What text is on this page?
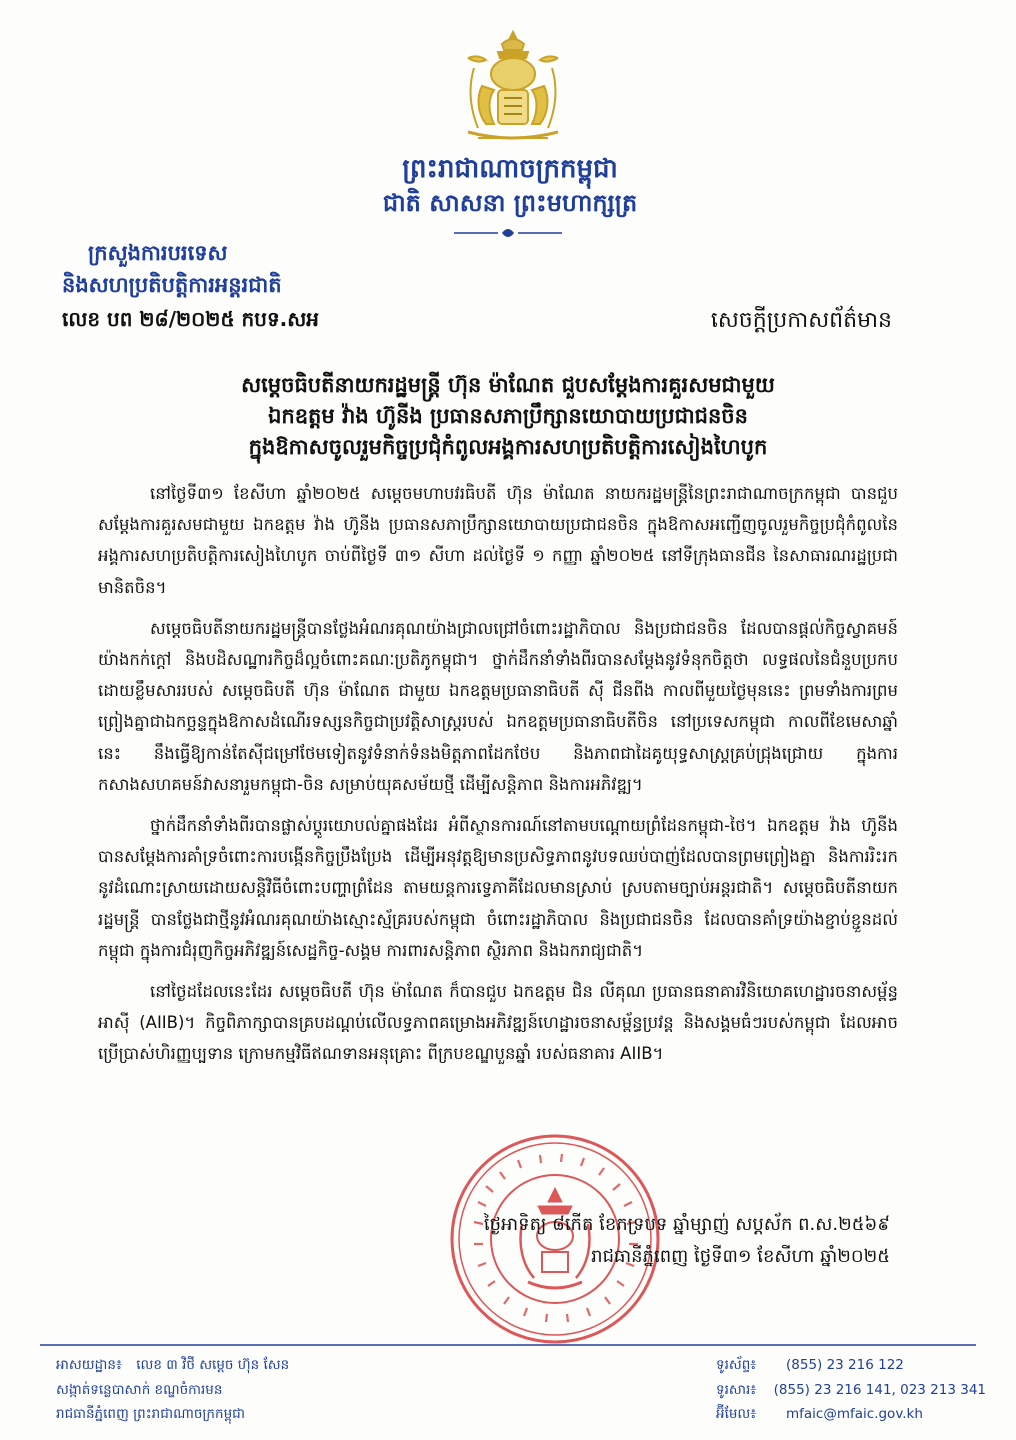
ព្រះរាជាណាចក្រកម្ពុជា
ជាតិ សាសនា ព្រះមហាក្សត្រ
ក្រសួងការបរទេស
និងសហប្រតិបត្តិការអន្តរជាតិ
លេខ បព ២៨/២០២៥ កបទ.សអ	សេចក្ដីប្រកាសព័ត៌មាន
សម្ដេចធិបតីនាយករដ្ឋមន្ត្រី ហ៊ុន ម៉ាណែត ជួបសម្ដែងការគួរសមជាមួយ
ឯកឧត្តម វ៉ាង ហ៊ូនីង ប្រធានសភាប្រឹក្សានយោបាយប្រជាជនចិន
ក្នុងឱកាសចូលរួមកិច្ចប្រជុំកំពូលអង្គការសហប្រតិបត្តិការសៀងហៃបូក

នៅថ្ងៃទី៣១ ខែសីហា ឆ្នាំ២០២៥ សម្ដេចមហាបវរធិបតី ហ៊ុន ម៉ាណែត នាយករដ្ឋមន្ត្រីនៃព្រះរាជាណាចក្រកម្ពុជា បានជួបសម្ដែងការគួរសមជាមួយ ឯកឧត្តម វ៉ាង ហ៊ូនីង ប្រធានសភាប្រឹក្សានយោបាយប្រជាជនចិន ក្នុងឱកាសអញ្ជើញចូលរួមកិច្ចប្រជុំកំពូលនៃអង្គការសហប្រតិបត្តិការសៀងហៃបូក ចាប់ពីថ្ងៃទី ៣១ សីហា ដល់ថ្ងៃទី ១ កញ្ញា ឆ្នាំ២០២៥ នៅទីក្រុងធានជីន នៃសាធារណរដ្ឋប្រជាមានិតចិន។

សម្ដេចធិបតីនាយករដ្ឋមន្ត្រីបានថ្លែងអំណរគុណយ៉ាងជ្រាលជ្រៅចំពោះរដ្ឋាភិបាល និងប្រជាជនចិន ដែលបានផ្ដល់កិច្ចស្វាគមន៍យ៉ាងកក់ក្ដៅ និងបដិសណ្ឋារកិច្ចដ៏ល្អចំពោះគណៈប្រតិភូកម្ពុជា។ ថ្នាក់ដឹកនាំទាំងពីរបានសម្ដែងនូវទំនុកចិត្តថា លទ្ធផលនៃជំនួបប្រកបដោយខ្លឹមសាររបស់ សម្ដេចធិបតី ហ៊ុន ម៉ាណែត ជាមួយ ឯកឧត្តមប្រធានាធិបតី ស៊ី ជីនពីង កាលពីមួយថ្ងៃមុននេះ ព្រមទាំងការព្រមព្រៀងគ្នាជាឯកច្ឆន្ទក្នុងឱកាសដំណើរទស្សនកិច្ចជាប្រវត្តិសាស្ត្ររបស់ ឯកឧត្តមប្រធានាធិបតីចិន នៅប្រទេសកម្ពុជា កាលពីខែមេសាឆ្នាំនេះ នឹងធ្វើឱ្យកាន់តែស៊ីជម្រៅថែមទៀតនូវទំនាក់ទំនងមិត្តភាពដែកថែប និងភាពជាដៃគូយុទ្ធសាស្ត្រគ្រប់ជ្រុងជ្រោយ ក្នុងការកសាងសហគមន៍វាសនារួមកម្ពុជា-ចិន សម្រាប់យុគសម័យថ្មី ដើម្បីសន្តិភាព និងការអភិវឌ្ឍ។

ថ្នាក់ដឹកនាំទាំងពីរបានផ្លាស់ប្ដូរយោបល់គ្នាផងដែរ អំពីស្ថានការណ៍នៅតាមបណ្ដោយព្រំដែនកម្ពុជា-ថៃ។ ឯកឧត្តម វ៉ាង ហ៊ូនីង បានសម្ដែងការគាំទ្រចំពោះការបង្កើនកិច្ចប្រឹងប្រែង ដើម្បីអនុវត្តឱ្យមានប្រសិទ្ធភាពនូវបទឈប់បាញ់ដែលបានព្រមព្រៀងគ្នា និងការរិះរកនូវដំណោះស្រាយដោយសន្តិវិធីចំពោះបញ្ហាព្រំដែន តាមយន្តការទ្វេភាគីដែលមានស្រាប់ ស្របតាមច្បាប់អន្តរជាតិ។ សម្ដេចធិបតីនាយករដ្ឋមន្ត្រី បានថ្លែងជាថ្មីនូវអំណរគុណយ៉ាងស្មោះស្ម័គ្ររបស់កម្ពុជា ចំពោះរដ្ឋាភិបាល និងប្រជាជនចិន ដែលបានគាំទ្រយ៉ាងខ្ជាប់ខ្ជួនដល់កម្ពុជា ក្នុងការជំរុញកិច្ចអភិវឌ្ឍន៍សេដ្ឋកិច្ច-សង្គម ការពារសន្តិភាព ស្ថិរភាព និងឯករាជ្យជាតិ។

នៅថ្ងៃដដែលនេះដែរ សម្ដេចធិបតី ហ៊ុន ម៉ាណែត ក៏បានជួប ឯកឧត្តម ជិន លីគុណ ប្រធានធនាគារវិនិយោគហេដ្ឋារចនាសម្ព័ន្ធអាស៊ី (AIIB)។ កិច្ចពិភាក្សាបានគ្របដណ្ដប់លើលទ្ធភាពគម្រោងអភិវឌ្ឍន៍ហេដ្ឋារចនាសម្ព័ន្ធប្រវន្ត និងសង្គមធំៗរបស់កម្ពុជា ដែលអាចប្រើប្រាស់ហិរញ្ញប្បទាន ក្រោមកម្មវិធីឥណទានអនុគ្រោះ ពីក្របខណ្ឌបួនឆ្នាំ របស់ធនាគារ AIIB។

ថ្ងៃអាទិត្យ ៨កើត ខែភទ្របទ ឆ្នាំម្សាញ់ សប្តស័ក ព.ស.២៥៦៩
រាជធានីភ្នំពេញ ថ្ងៃទី៣១ ខែសីហា ឆ្នាំ២០២៥
អាសយដ្ឋាន៖ លេខ ៣ វិថី សម្ដេច ហ៊ុន សែន
សង្កាត់ទន្លេបាសាក់ ខណ្ឌចំការមន
រាជធានីភ្នំពេញ ព្រះរាជាណាចក្រកម្ពុជា
ទូរស័ព្ទ៖	(855) 23 216 122
ទូរសារ៖	(855) 23 216 141, 023 213 341
អ៊ីមែល៖	mfaic@mfaic.gov.kh
